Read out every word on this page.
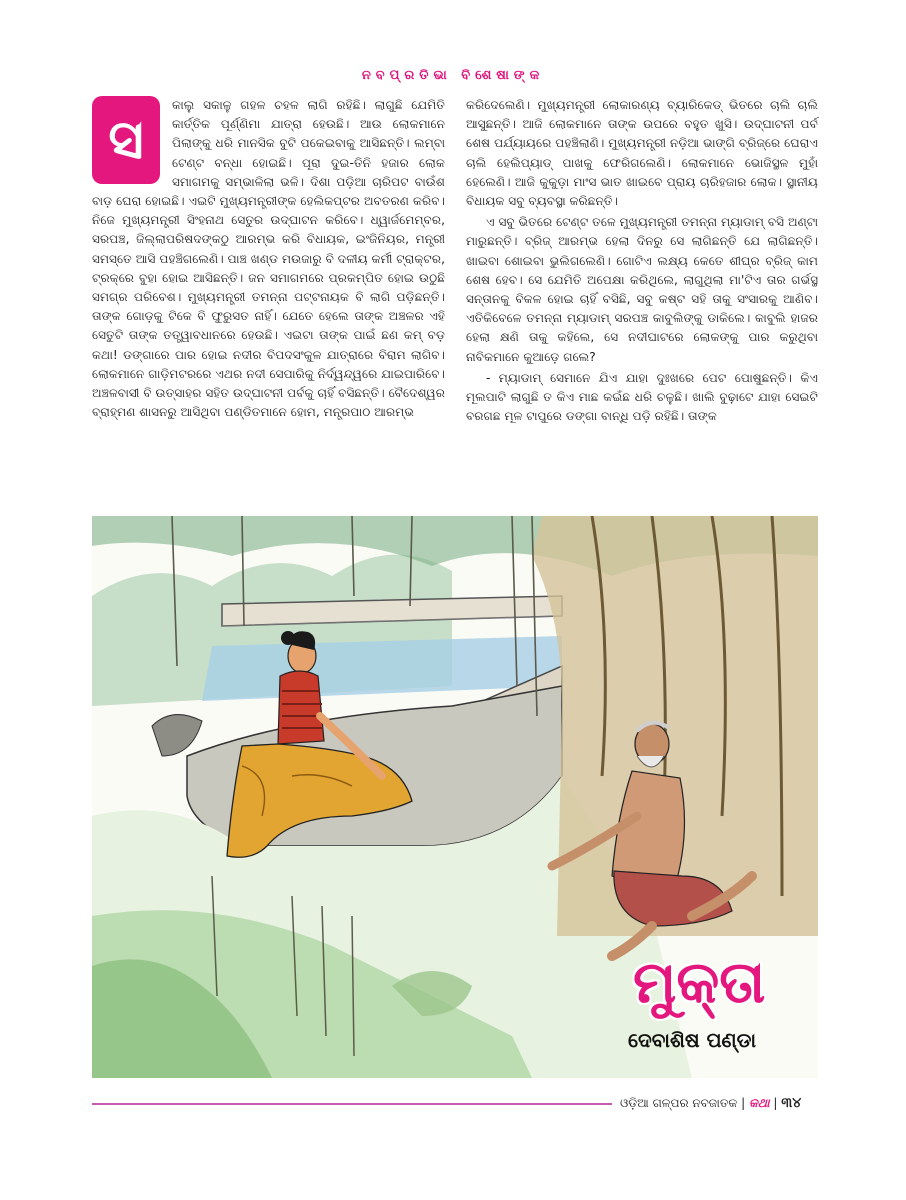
ନବପ୍ରତିଭା ବିଶେଷାଙ୍କ
ସ

କାଲୁ ସକାଳୁ ଗହଳ ଚହଳ ଲାଗି ରହିଛି। ଲାଗୁଛି ଯେମିତି କାର୍ତ୍ତିକ ପୂର୍ଣ୍ଣିମା ଯାତ୍ରା ହେଉଛି। ଆଉ ଲୋକମାନେ ପିଲାଙ୍କୁ ଧରି ମାନସିକ ବୁଟି ପକେଇବାକୁ ଆସିଛନ୍ତି। ଲମ୍ବା ଟେଣ୍ଟ ବନ୍ଧା ହୋଇଛି। ପୂରା ଦୁଇ-ତିନି ହଜାର ଲୋକ ସମାଗମକୁ ସମ୍ଭାଳିଲା ଭଳି। ଦିଶା ପଡ଼ିଆ ଚାରିପଟ ବାଉଁଶ ବାଡ଼ ଘେରା ହୋଇଛି। ଏଇଟି ମୁଖ୍ୟମନ୍ତ୍ରୀଙ୍କ ହେଲିକପ୍ଟର ଅବତରଣ କରିବ। ନିଜେ ମୁଖ୍ୟମନ୍ତ୍ରୀ ସିଂହନାଥ ସେତୁର ଉଦ୍‌ଘାଟନ କରିବେ। ଧ୍ୱାର୍ଜମେମ୍ବର, ସରପଞ୍ଚ, ଜିଲ୍ଲାପରିଷଦଙ୍କଠୁ ଆରମ୍ଭ କରି ବିଧାୟକ, ଇଂଜିନିୟର, ମନ୍ତ୍ରୀ ସମସ୍ତେ ଆସି ପହଞ୍ଚିଗଲେଣି। ପାଞ୍ଚ ଖଣ୍ଡ ମଉଜାରୁ ବି ଦଳୀୟ କର୍ମୀ ଟ୍ରାକ୍ଟର, ଟ୍ରକ୍‌ରେ ବୁହା ହୋଇ ଆସିଛନ୍ତି। ଜନ ସମାଗମରେ ପ୍ରକମ୍ପିତ ହୋଇ ଉଠୁଛି ସମଗ୍ର ପରିବେଶ। ମୁଖ୍ୟମନ୍ତ୍ରୀ ତମନ୍ନା ପଟ୍ଟନାୟକ ବି ଲାଗି ପଡ଼ିଛନ୍ତି। ତାଙ୍କ ଗୋଡ଼କୁ ଟିକେ ବି ଫୁରୁସତ ନାହିଁ। ଯେତେ ହେଲେ ତାଙ୍କ ଅଞ୍ଚଳର ଏହି ସେତୁଟି ତାଙ୍କ ତତ୍ତ୍ୱାବଧାନରେ ହେଉଛି। ଏଇଟା ତାଙ୍କ ପାଇଁ ଛଣ କମ୍ ବଡ଼ କଥା! ଡଙ୍ଗାରେ ପାର ହୋଇ ନଦୀର ବିପଦସଂକୁଳ ଯାତ୍ରାରେ ବିରାମ ଲାଗିବ। ଲୋକମାନେ ଗାଡ଼ିମଟରରେ ଏଥର ନଦୀ ସେପାରିକୁ ନିର୍ଦ୍ୱନ୍ଦ୍ୱରେ ଯାଇପାରିବେ। ଅଞ୍ଚଳବାସୀ ବି ଉତ୍ସାହର ସହିତ ଉଦ୍‌ଘାଟନୀ ପର୍ବକୁ ଚାହିଁ ବସିଛନ୍ତି। ବୈଦେଶ୍ୱର ବ୍ରାହ୍ମଣ ଶାସନରୁ ଆସିଥିବା ପଣ୍ଡିତମାନେ ହୋମ, ମନ୍ତ୍ରପାଠ ଆରମ୍ଭ

କରିଦେଲେଣି। ମୁଖ୍ୟମନ୍ତ୍ରୀ ଲୋକାରଣ୍ୟ ବ୍ୟାରିକେଡ୍ ଭିତରେ ଚାଲି ଚାଲି ଆସୁଛନ୍ତି। ଆଜି ଲୋକମାନେ ତାଙ୍କ ଉପରେ ବହୁତ ଖୁସି। ଉଦ୍‌ଘାଟନୀ ପର୍ବ ଶେଷ ପର୍ଯ୍ୟାୟରେ ପହଞ୍ଚିଲାଣି। ମୁଖ୍ୟମନ୍ତ୍ରୀ ନଡ଼ିଆ ଭାଙ୍ଗି ବ୍ରିଜ୍‌ରେ ଘେରାଏ ଚାଲି ହେଲିପ୍ୟାଡ୍ ପାଖକୁ ଫେରିଗଲେଣି। ଲୋକମାନେ ଭୋଜିସ୍ଥଳ ମୁହାଁ ହେଲେଣି। ଆଜି କୁକୁଡ଼ା ମାଂସ ଭାତ ଖାଇବେ ପ୍ରାୟ ଚାରିହଜାର ଲୋକ। ସ୍ଥାନୀୟ ବିଧାୟକ ସବୁ ବ୍ୟବସ୍ଥା କରିଛନ୍ତି।

ଏ ସବୁ ଭିତରେ ଟେଣ୍ଟ ତଳେ ମୁଖ୍ୟମନ୍ତ୍ରୀ ତମନ୍ନା ମ୍ୟାଡାମ୍ ବସି ଅଣ୍ଟା ମାରୁଛନ୍ତି। ବ୍ରିଜ୍ ଆରମ୍ଭ ହେଲା ଦିନରୁ ସେ ଲାଗିଛନ୍ତି ଯେ ଲାଗିଛନ୍ତି। ଖାଇବା ଶୋଇବା ଭୁଲିଗଲେଣି। ଗୋଟିଏ ଲକ୍ଷ୍ୟ କେତେ ଶୀଘ୍ର ବ୍ରିଜ୍ କାମ ଶେଷ ହେବ। ସେ ଯେମିତି ଅପେକ୍ଷା କରିଥିଲେ, ଲାଗୁଥିଲା ମା'ଟିଏ ତାର ଗର୍ଭସ୍ଥ ସନ୍ତାନକୁ ବିକଳ ହୋଇ ଚାହିଁ ବସିଛି, ସବୁ କଷ୍ଟ ସହି ତାକୁ ସଂସାରକୁ ଆଣିବ। ଏତିକିବେଳେ ତମନ୍ନା ମ୍ୟାଡାମ୍ ସରପଞ୍ଚ କାବୁଲିଙ୍କୁ ଡାକିଲେ। କାବୁଲି ହାଜର ହେଲା କ୍ଷଣି ତାକୁ କହିଲେ, ସେ ନଦୀଘାଟରେ ଲୋକଙ୍କୁ ପାର କରୁଥିବା ନାବିକମାନେ କୁଆଡ଼େ ଗଲେ?

- ମ୍ୟାଡାମ୍ ସେମାନେ ଯିଏ ଯାହା ଦୁଃଖରେ ପେଟ ପୋଷୁଛନ୍ତି। କିଏ ମୂଲପାଟି ଲାଗୁଛି ତ କିଏ ମାଛ କଇଁଛ ଧରି ଚଳୁଛି। ଖାଲି ବୁଢ଼ାଟେ ଯାହା ସେଇଟି ବରଗଛ ମୂଳ ଟାପୁରେ ଡଙ୍ଗା ବାନ୍ଧି ପଡ଼ି ରହିଛି। ତାଙ୍କ

ମୁକ୍ତା
ଦେବାଶିଷ ପଣ୍ଡା
ଓଡ଼ିଆ ଗଳ୍ପର ନବଜାତକ | କଥା | ୩୪
